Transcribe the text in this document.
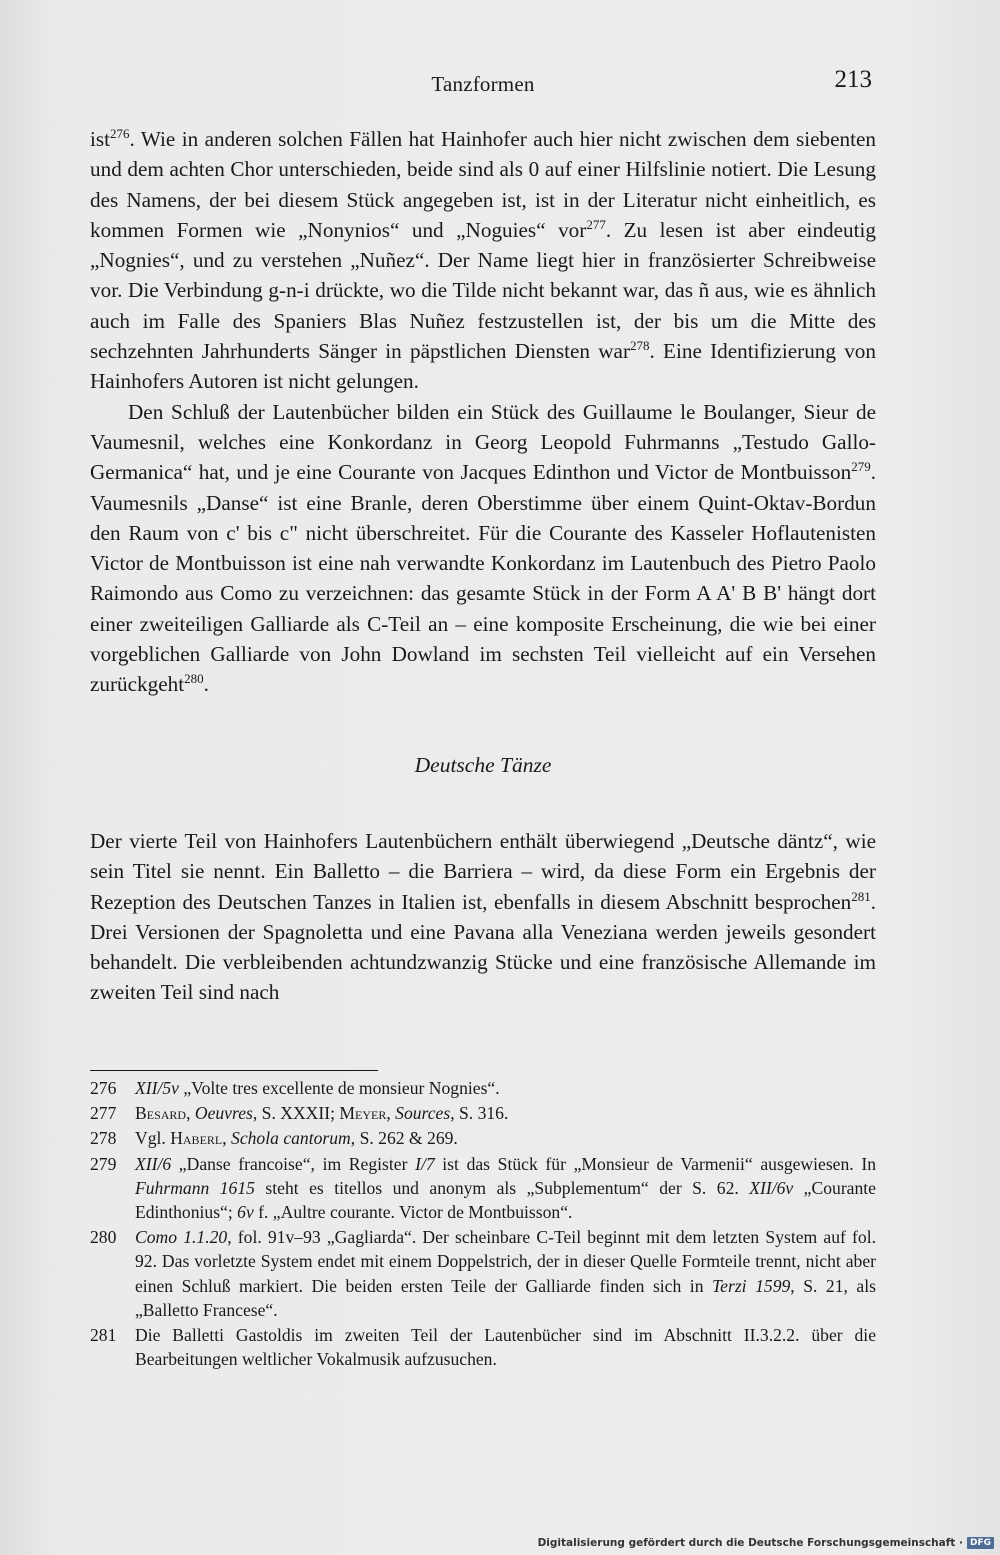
Tanzformen	213

ist$^{276}$. Wie in anderen solchen Fällen hat Hainhofer auch hier nicht zwischen dem siebenten und dem achten Chor unterschieden, beide sind als 0 auf einer Hilfslinie notiert. Die Lesung des Namens, der bei diesem Stück angegeben ist, ist in der Literatur nicht einheitlich, es kommen Formen wie „Nonynios“ und „Noguies“ vor$^{277}$. Zu lesen ist aber eindeutig „Nognies“, und zu verstehen „Nuñez“. Der Name liegt hier in französierter Schreibweise vor. Die Verbindung g-n-i drückte, wo die Tilde nicht bekannt war, das ñ aus, wie es ähnlich auch im Falle des Spaniers Blas Nuñez festzustellen ist, der bis um die Mitte des sechzehnten Jahrhunderts Sänger in päpstlichen Diensten war$^{278}$. Eine Identifizierung von Hainhofers Autoren ist nicht gelungen.

Den Schluß der Lautenbücher bilden ein Stück des Guillaume le Boulanger, Sieur de Vaumesnil, welches eine Konkordanz in Georg Leopold Fuhrmanns „Testudo Gallo-Germanica“ hat, und je eine Courante von Jacques Edinthon und Victor de Montbuisson$^{279}$. Vaumesnils „Danse“ ist eine Branle, deren Oberstimme über einem Quint-Oktav-Bordun den Raum von c' bis c" nicht überschreitet. Für die Courante des Kasseler Hoflautenisten Victor de Montbuisson ist eine nah verwandte Konkordanz im Lautenbuch des Pietro Paolo Raimondo aus Como zu verzeichnen: das gesamte Stück in der Form A A' B B' hängt dort einer zweiteiligen Galliarde als C-Teil an – eine komposite Erscheinung, die wie bei einer vorgeblichen Galliarde von John Dowland im sechsten Teil vielleicht auf ein Versehen zurückgeht$^{280}$.

Deutsche Tänze

Der vierte Teil von Hainhofers Lautenbüchern enthält überwiegend „Deutsche däntz“, wie sein Titel sie nennt. Ein Balletto – die Barriera – wird, da diese Form ein Ergebnis der Rezeption des Deutschen Tanzes in Italien ist, ebenfalls in diesem Abschnitt besprochen$^{281}$. Drei Versionen der Spagnoletta und eine Pavana alla Veneziana werden jeweils gesondert behandelt. Die verbleibenden achtundzwanzig Stücke und eine französische Allemande im zweiten Teil sind nach

276	XII/5v „Volte tres excellente de monsieur Nognies“.
277	Besard, Oeuvres, S. XXXII; Meyer, Sources, S. 316.
278	Vgl. Haberl, Schola cantorum, S. 262 & 269.
279	XII/6 „Danse francoise“, im Register I/7 ist das Stück für „Monsieur de Varmenii“ ausgewiesen. In Fuhrmann 1615 steht es titellos und anonym als „Subplementum“ der S. 62. XII/6v „Courante Edinthonius“; 6v f. „Aultre courante. Victor de Montbuisson“.
280	Como 1.1.20, fol. 91v–93 „Gagliarda“. Der scheinbare C-Teil beginnt mit dem letzten System auf fol. 92. Das vorletzte System endet mit einem Doppelstrich, der in dieser Quelle Formteile trennt, nicht aber einen Schluß markiert. Die beiden ersten Teile der Galliarde finden sich in Terzi 1599, S. 21, als „Balletto Francese“.
281	Die Balletti Gastoldis im zweiten Teil der Lautenbücher sind im Abschnitt II.3.2.2. über die Bearbeitungen weltlicher Vokalmusik aufzusuchen.
Digitalisierung gefördert durch die Deutsche Forschungsgemeinschaft · DFG
